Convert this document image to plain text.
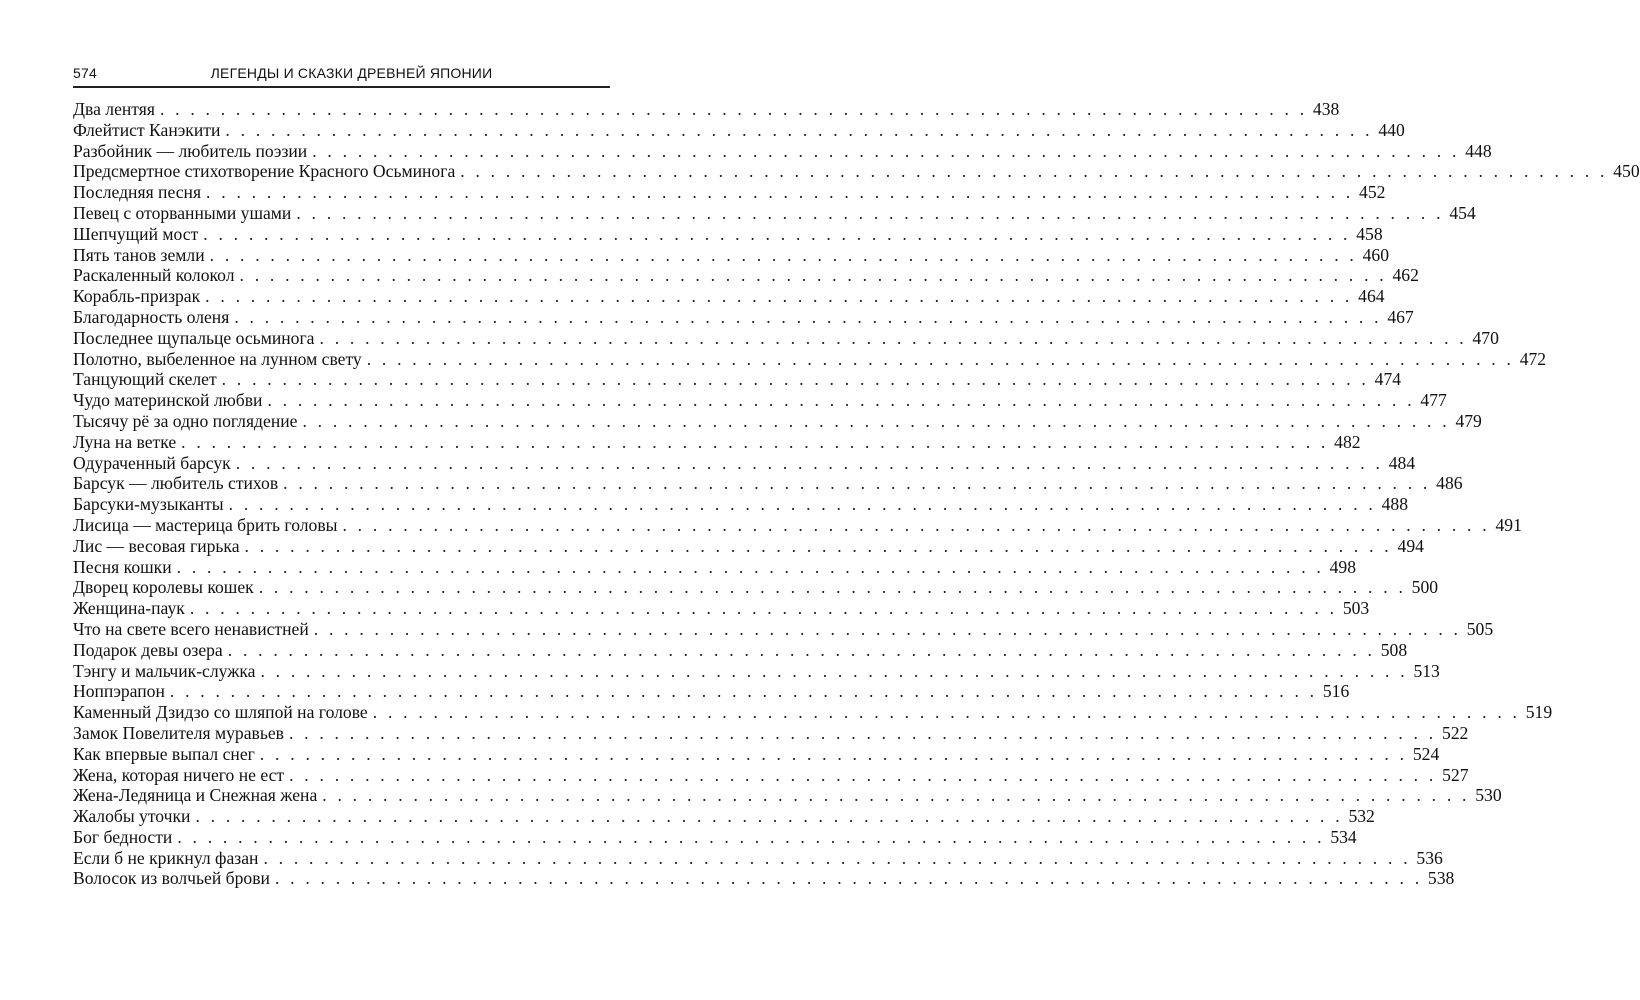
574	ЛЕГЕНДЫ И СКАЗКИ ДРЕВНЕЙ ЯПОНИИ
Два лентяя . . .	438
Флейтист Канэкити . . .	440
Разбойник — любитель поэзии . . .	448
Предсмертное стихотворение Красного Осьминога . . .	450
Последняя песня . . .	452
Певец с оторванными ушами . . .	454
Шепчущий мост . . .	458
Пять танов земли . . .	460
Раскаленный колокол . . .	462
Корабль-призрак . . .	464
Благодарность оленя . . .	467
Последнее щупальце осьминога . . .	470
Полотно, выбеленное на лунном свету . . .	472
Танцующий скелет . . .	474
Чудо материнской любви . . .	477
Тысячу рё за одно поглядение . . .	479
Луна на ветке . . .	482
Одураченный барсук . . .	484
Барсук — любитель стихов . . .	486
Барсуки-музыканты . . .	488
Лисица — мастерица брить головы . . .	491
Лис — весовая гирька . . .	494
Песня кошки . . .	498
Дворец королевы кошек . . .	500
Женщина-паук . . .	503
Что на свете всего ненавистней . . .	505
Подарок девы озера . . .	508
Тэнгу и мальчик-служка . . .	513
Ноппэрапон . . .	516
Каменный Дзидзо со шляпой на голове . . .	519
Замок Повелителя муравьев . . .	522
Как впервые выпал снег . . .	524
Жена, которая ничего не ест . . .	527
Жена-Ледяница и Снежная жена . . .	530
Жалобы уточки . . .	532
Бог бедности . . .	534
Если б не крикнул фазан . . .	536
Волосок из волчьей брови . . .	538
